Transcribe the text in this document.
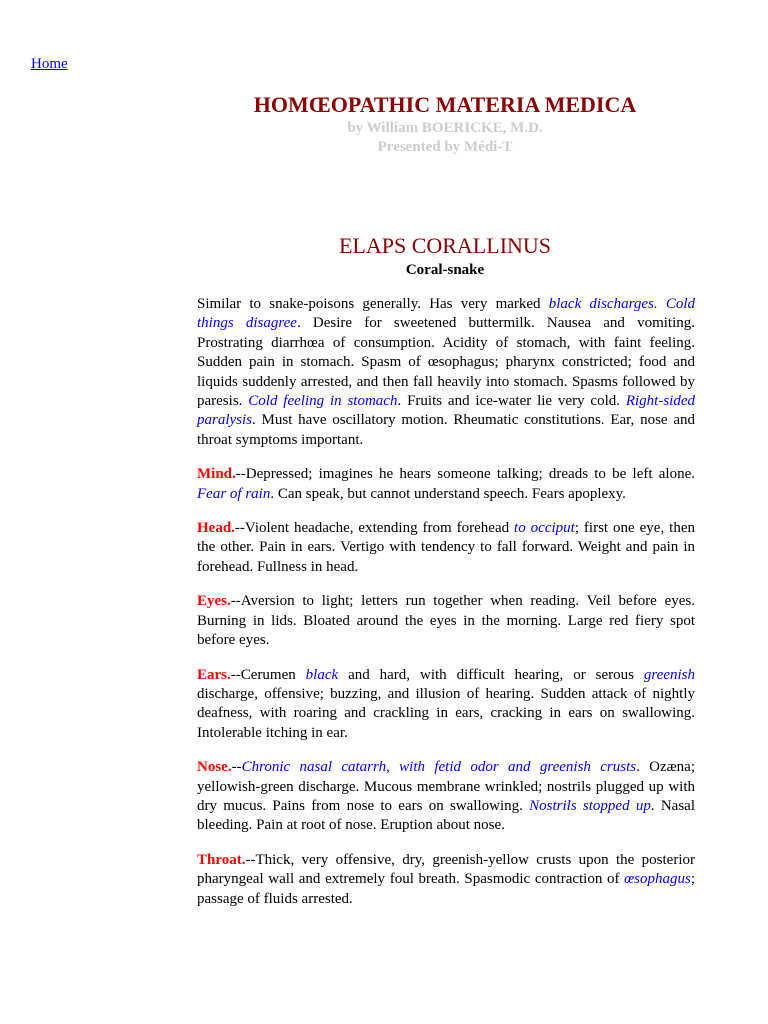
Home
HOMŒOPATHIC MATERIA MEDICA
by William BOERICKE, M.D.
Presented by Médi-T
ELAPS CORALLINUS
Coral-snake

Similar to snake-poisons generally. Has very marked black discharges. Cold things disagree. Desire for sweetened buttermilk. Nausea and vomiting. Prostrating diarrhœa of consumption. Acidity of stomach, with faint feeling. Sudden pain in stomach. Spasm of œsophagus; pharynx constricted; food and liquids suddenly arrested, and then fall heavily into stomach. Spasms followed by paresis. Cold feeling in stomach. Fruits and ice-water lie very cold. Right-sided paralysis. Must have oscillatory motion. Rheumatic constitutions. Ear, nose and throat symptoms important.

Mind.--Depressed; imagines he hears someone talking; dreads to be left alone. Fear of rain. Can speak, but cannot understand speech. Fears apoplexy.

Head.--Violent headache, extending from forehead to occiput; first one eye, then the other. Pain in ears. Vertigo with tendency to fall forward. Weight and pain in forehead. Fullness in head.

Eyes.--Aversion to light; letters run together when reading. Veil before eyes. Burning in lids. Bloated around the eyes in the morning. Large red fiery spot before eyes.

Ears.--Cerumen black and hard, with difficult hearing, or serous greenish discharge, offensive; buzzing, and illusion of hearing. Sudden attack of nightly deafness, with roaring and crackling in ears, cracking in ears on swallowing. Intolerable itching in ear.

Nose.--Chronic nasal catarrh, with fetid odor and greenish crusts. Ozæna; yellowish-green discharge. Mucous membrane wrinkled; nostrils plugged up with dry mucus. Pains from nose to ears on swallowing. Nostrils stopped up. Nasal bleeding. Pain at root of nose. Eruption about nose.

Throat.--Thick, very offensive, dry, greenish-yellow crusts upon the posterior pharyngeal wall and extremely foul breath. Spasmodic contraction of œsophagus; passage of fluids arrested.
